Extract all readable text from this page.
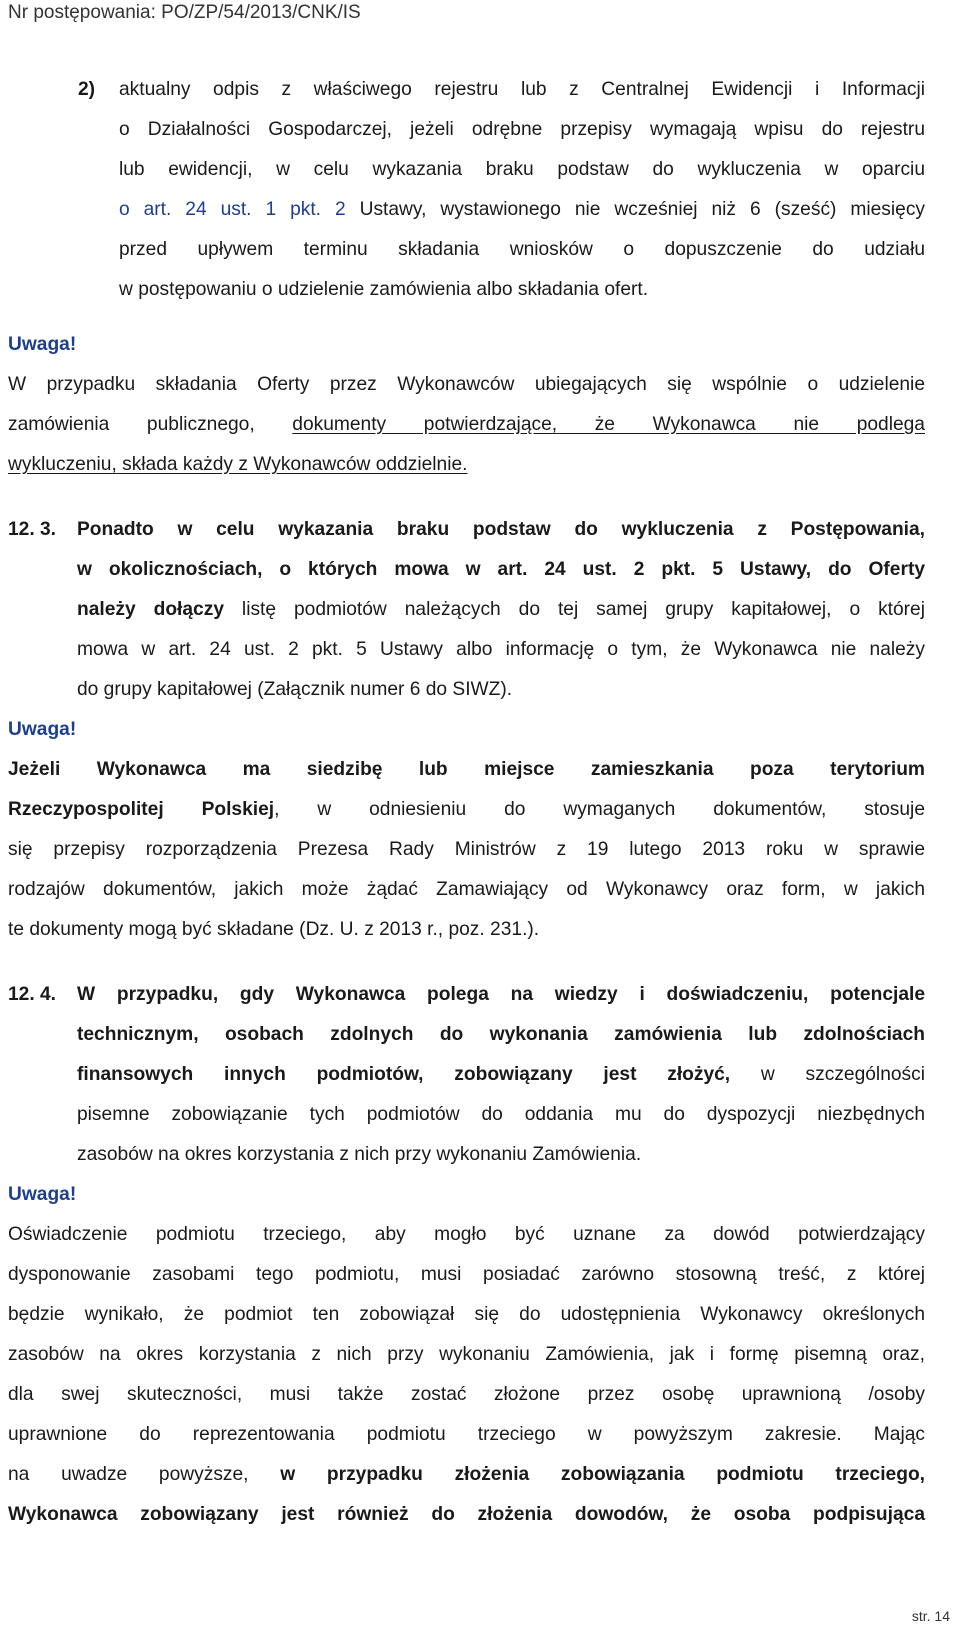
Nr postępowania: PO/ZP/54/2013/CNK/IS
2) aktualny odpis z właściwego rejestru lub z Centralnej Ewidencji i Informacji
o Działalności Gospodarczej, jeżeli odrębne przepisy wymagają wpisu do rejestru
lub ewidencji, w celu wykazania braku podstaw do wykluczenia w oparciu
o art. 24 ust. 1 pkt. 2 Ustawy, wystawionego nie wcześniej niż 6 (sześć) miesięcy
przed upływem terminu składania wniosków o dopuszczenie do udziału
w postępowaniu o udzielenie zamówienia albo składania ofert.
Uwaga!
W przypadku składania Oferty przez Wykonawców ubiegających się wspólnie o udzielenie
zamówienia publicznego, dokumenty potwierdzające, że Wykonawca nie podlega
wykluczeniu, składa każdy z Wykonawców oddzielnie.
12. 3. Ponadto w celu wykazania braku podstaw do wykluczenia z Postępowania,
w okolicznościach, o których mowa w art. 24 ust. 2 pkt. 5 Ustawy, do Oferty
należy dołączy listę podmiotów należących do tej samej grupy kapitałowej, o której
mowa w art. 24 ust. 2 pkt. 5 Ustawy albo informację o tym, że Wykonawca nie należy
do grupy kapitałowej (Załącznik numer 6 do SIWZ).
Uwaga!
Jeżeli Wykonawca ma siedzibę lub miejsce zamieszkania poza terytorium
Rzeczypospolitej Polskiej, w odniesieniu do wymaganych dokumentów, stosuje
się przepisy rozporządzenia Prezesa Rady Ministrów z 19 lutego 2013 roku w sprawie
rodzajów dokumentów, jakich może żądać Zamawiający od Wykonawcy oraz form, w jakich
te dokumenty mogą być składane (Dz. U. z 2013 r., poz. 231.).
12. 4. W przypadku, gdy Wykonawca polega na wiedzy i doświadczeniu, potencjale
technicznym, osobach zdolnych do wykonania zamówienia lub zdolnościach
finansowych innych podmiotów, zobowiązany jest złożyć, w szczególności
pisemne zobowiązanie tych podmiotów do oddania mu do dyspozycji niezbędnych
zasobów na okres korzystania z nich przy wykonaniu Zamówienia.
Uwaga!
Oświadczenie podmiotu trzeciego, aby mogło być uznane za dowód potwierdzający
dysponowanie zasobami tego podmiotu, musi posiadać zarówno stosowną treść, z której
będzie wynikało, że podmiot ten zobowiązał się do udostępnienia Wykonawcy określonych
zasobów na okres korzystania z nich przy wykonaniu Zamówienia, jak i formę pisemną oraz,
dla swej skuteczności, musi także zostać złożone przez osobę uprawnioną /osoby
uprawnione do reprezentowania podmiotu trzeciego w powyższym zakresie. Mając
na uwadze powyższe, w przypadku złożenia zobowiązania podmiotu trzeciego,
Wykonawca zobowiązany jest również do złożenia dowodów, że osoba podpisująca
str. 14
